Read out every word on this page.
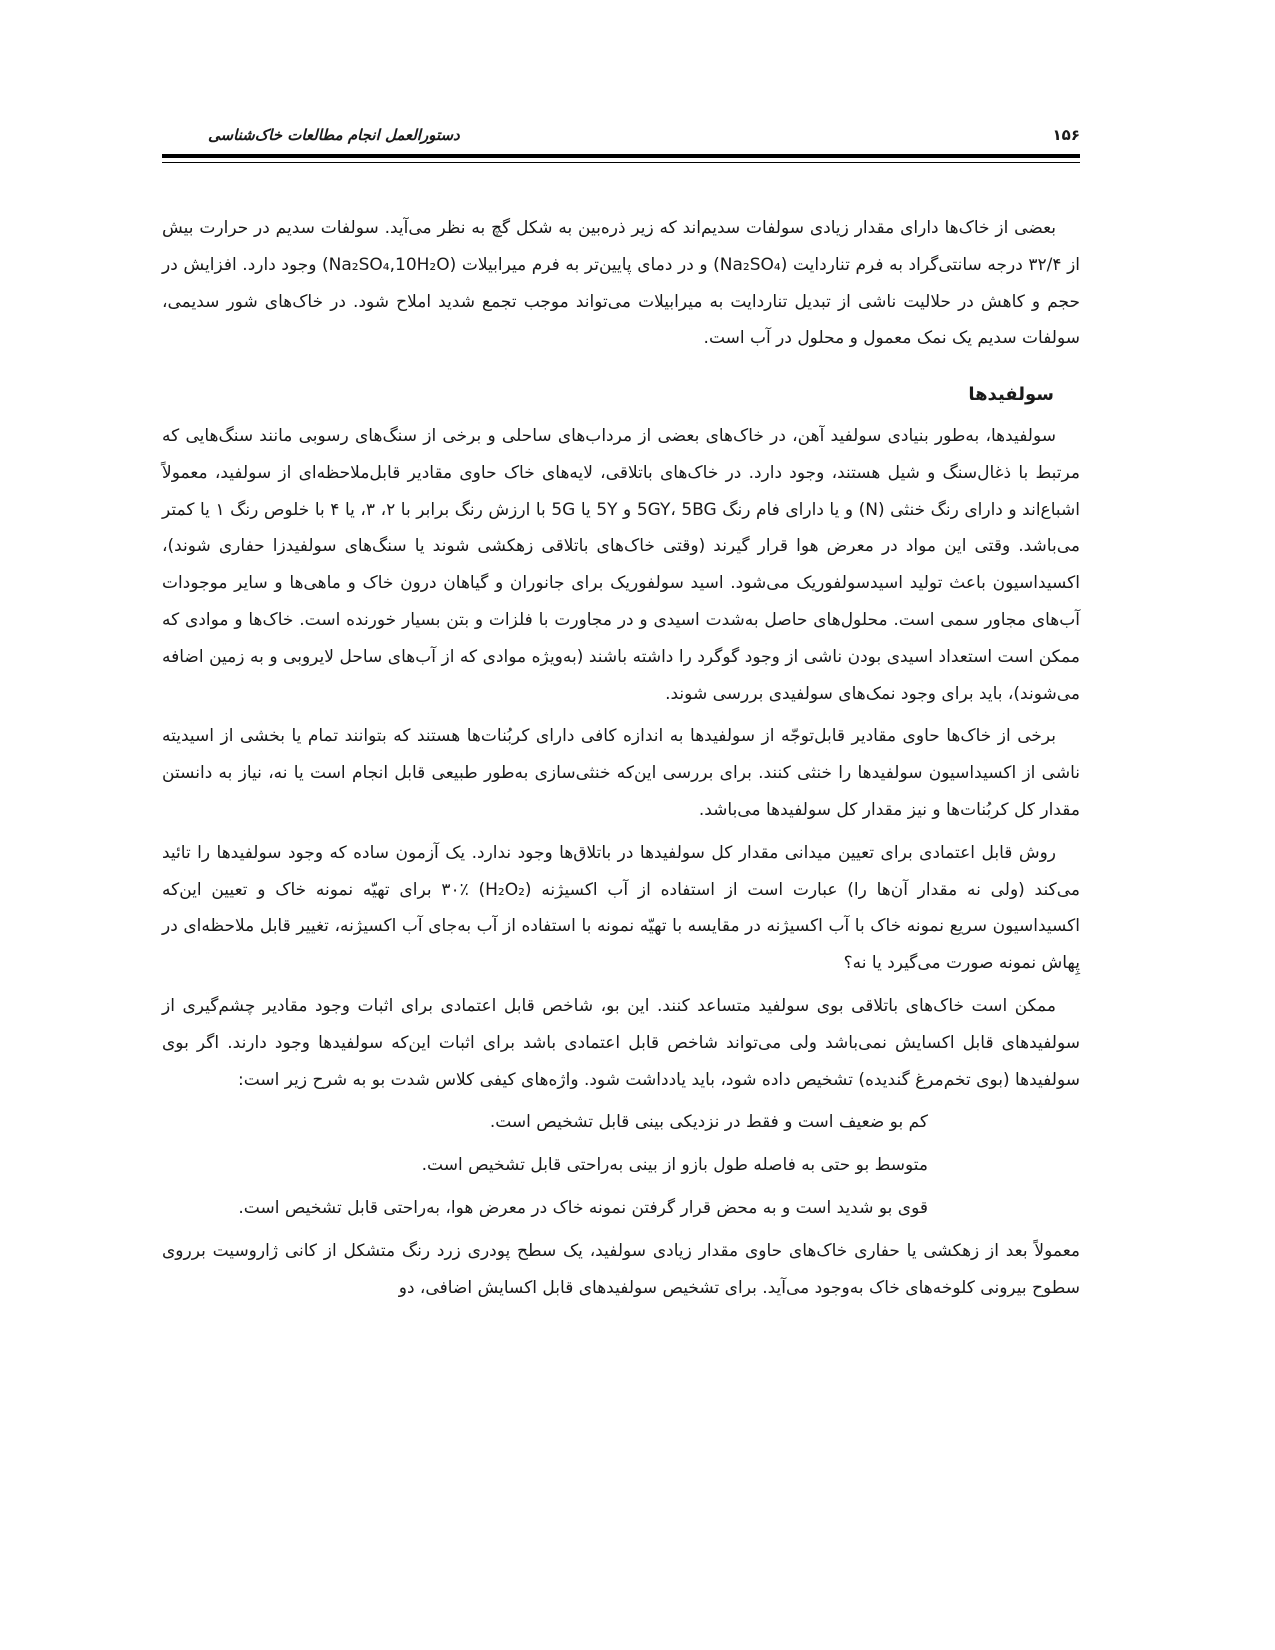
۱۵۶
دستورالعمل انجام مطالعات خاک‌شناسی

بعضی از خاک‌ها دارای مقدار زیادی سولفات سدیم‌اند که زیر ذره‌بین به شکل گچ به نظر می‌آید. سولفات سدیم در حرارت بیش از ۳۲/۴ درجه سانتی‌گراد به فرم تناردایت (Na₂SO₄) و در دمای پایین‌تر به فرم میرابیلات (Na₂SO₄,10H₂O) وجود دارد. افزایش در حجم و کاهش در حلالیت ناشی از تبدیل تناردایت به میرابیلات می‌تواند موجب تجمع شدید املاح شود. در خاک‌های شور سدیمی، سولفات سدیم یک نمک معمول و محلول در آب است.

سولفیدها

سولفیدها، به‌طور بنیادی سولفید آهن، در خاک‌های بعضی از مرداب‌های ساحلی و برخی از سنگ‌های رسوبی مانند سنگ‌هایی که مرتبط با ذغال‌سنگ و شیل هستند، وجود دارد. در خاک‌های باتلاقی، لایه‌های خاک حاوی مقادیر قابل‌ملاحظه‌ای از سولفید، معمولاً اشباع‌اند و دارای رنگ خنثی (N) و یا دارای فام رنگ 5GY، 5BG و 5Y یا 5G با ارزش رنگ برابر با ۲، ۳، یا ۴ با خلوص رنگ ۱ یا کمتر می‌باشد. وقتی این مواد در معرض هوا قرار گیرند (وقتی خاک‌های باتلاقی زهکشی شوند یا سنگ‌های سولفیدزا حفاری شوند)، اکسیداسیون باعث تولید اسیدسولفوریک می‌شود. اسید سولفوریک برای جانوران و گیاهان درون خاک و ماهی‌ها و سایر موجودات آب‌های مجاور سمی است. محلول‌های حاصل به‌شدت اسیدی و در مجاورت با فلزات و بتن بسیار خورنده است. خاک‌ها و موادی که ممکن است استعداد اسیدی بودن ناشی از وجود گوگرد را داشته باشند (به‌ویژه موادی که از آب‌های ساحل لایروبی و به زمین اضافه می‌شوند)، باید برای وجود نمک‌های سولفیدی بررسی شوند.

برخی از خاک‌ها حاوی مقادیر قابل‌توجّه از سولفیدها به اندازه کافی دارای کربُنات‌ها هستند که بتوانند تمام یا بخشی از اسیدیته ناشی از اکسیداسیون سولفیدها را خنثی کنند. برای بررسی این‌که خنثی‌سازی به‌طور طبیعی قابل انجام است یا نه، نیاز به دانستن مقدار کل کربُنات‌ها و نیز مقدار کل سولفیدها می‌باشد.

روش قابل اعتمادی برای تعیین میدانی مقدار کل سولفیدها در باتلاق‌ها وجود ندارد. یک آزمون ساده که وجود سولفیدها را تائید می‌کند (ولی نه مقدار آن‌ها را) عبارت است از استفاده از آب اکسیژنه (H₂O₂) ۳۰٪ برای تهیّه نمونه خاک و تعیین این‌که اکسیداسیون سریع نمونه خاک با آب اکسیژنه در مقایسه با تهیّه نمونه با استفاده از آب به‌جای آب اکسیژنه، تغییر قابل ملاحظه‌ای در پِهاش نمونه صورت می‌گیرد یا نه؟

ممکن است خاک‌های باتلاقی بوی سولفید متساعد کنند. این بو، شاخص قابل اعتمادی برای اثبات وجود مقادیر چشم‌گیری از سولفیدهای قابل اکسایش نمی‌باشد ولی می‌تواند شاخص قابل اعتمادی باشد برای اثبات این‌که سولفیدها وجود دارند. اگر بوی سولفیدها (بوی تخم‌مرغ گندیده) تشخیص داده شود، باید یادداشت شود. واژه‌های کیفی کلاس شدت بو به شرح زیر است:

کم بو ضعیف است و فقط در نزدیکی بینی قابل تشخیص است.

متوسط بو حتی به فاصله طول بازو از بینی به‌راحتی قابل تشخیص است.

قوی بو شدید است و به محض قرار گرفتن نمونه خاک در معرض هوا، به‌راحتی قابل تشخیص است.

معمولاً بعد از زهکشی یا حفاری خاک‌های حاوی مقدار زیادی سولفید، یک سطح پودری زرد رنگ متشکل از کانی ژاروسیت برروی سطوح بیرونی کلوخه‌های خاک به‌وجود می‌آید. برای تشخیص سولفیدهای قابل اکسایش اضافی، دو
